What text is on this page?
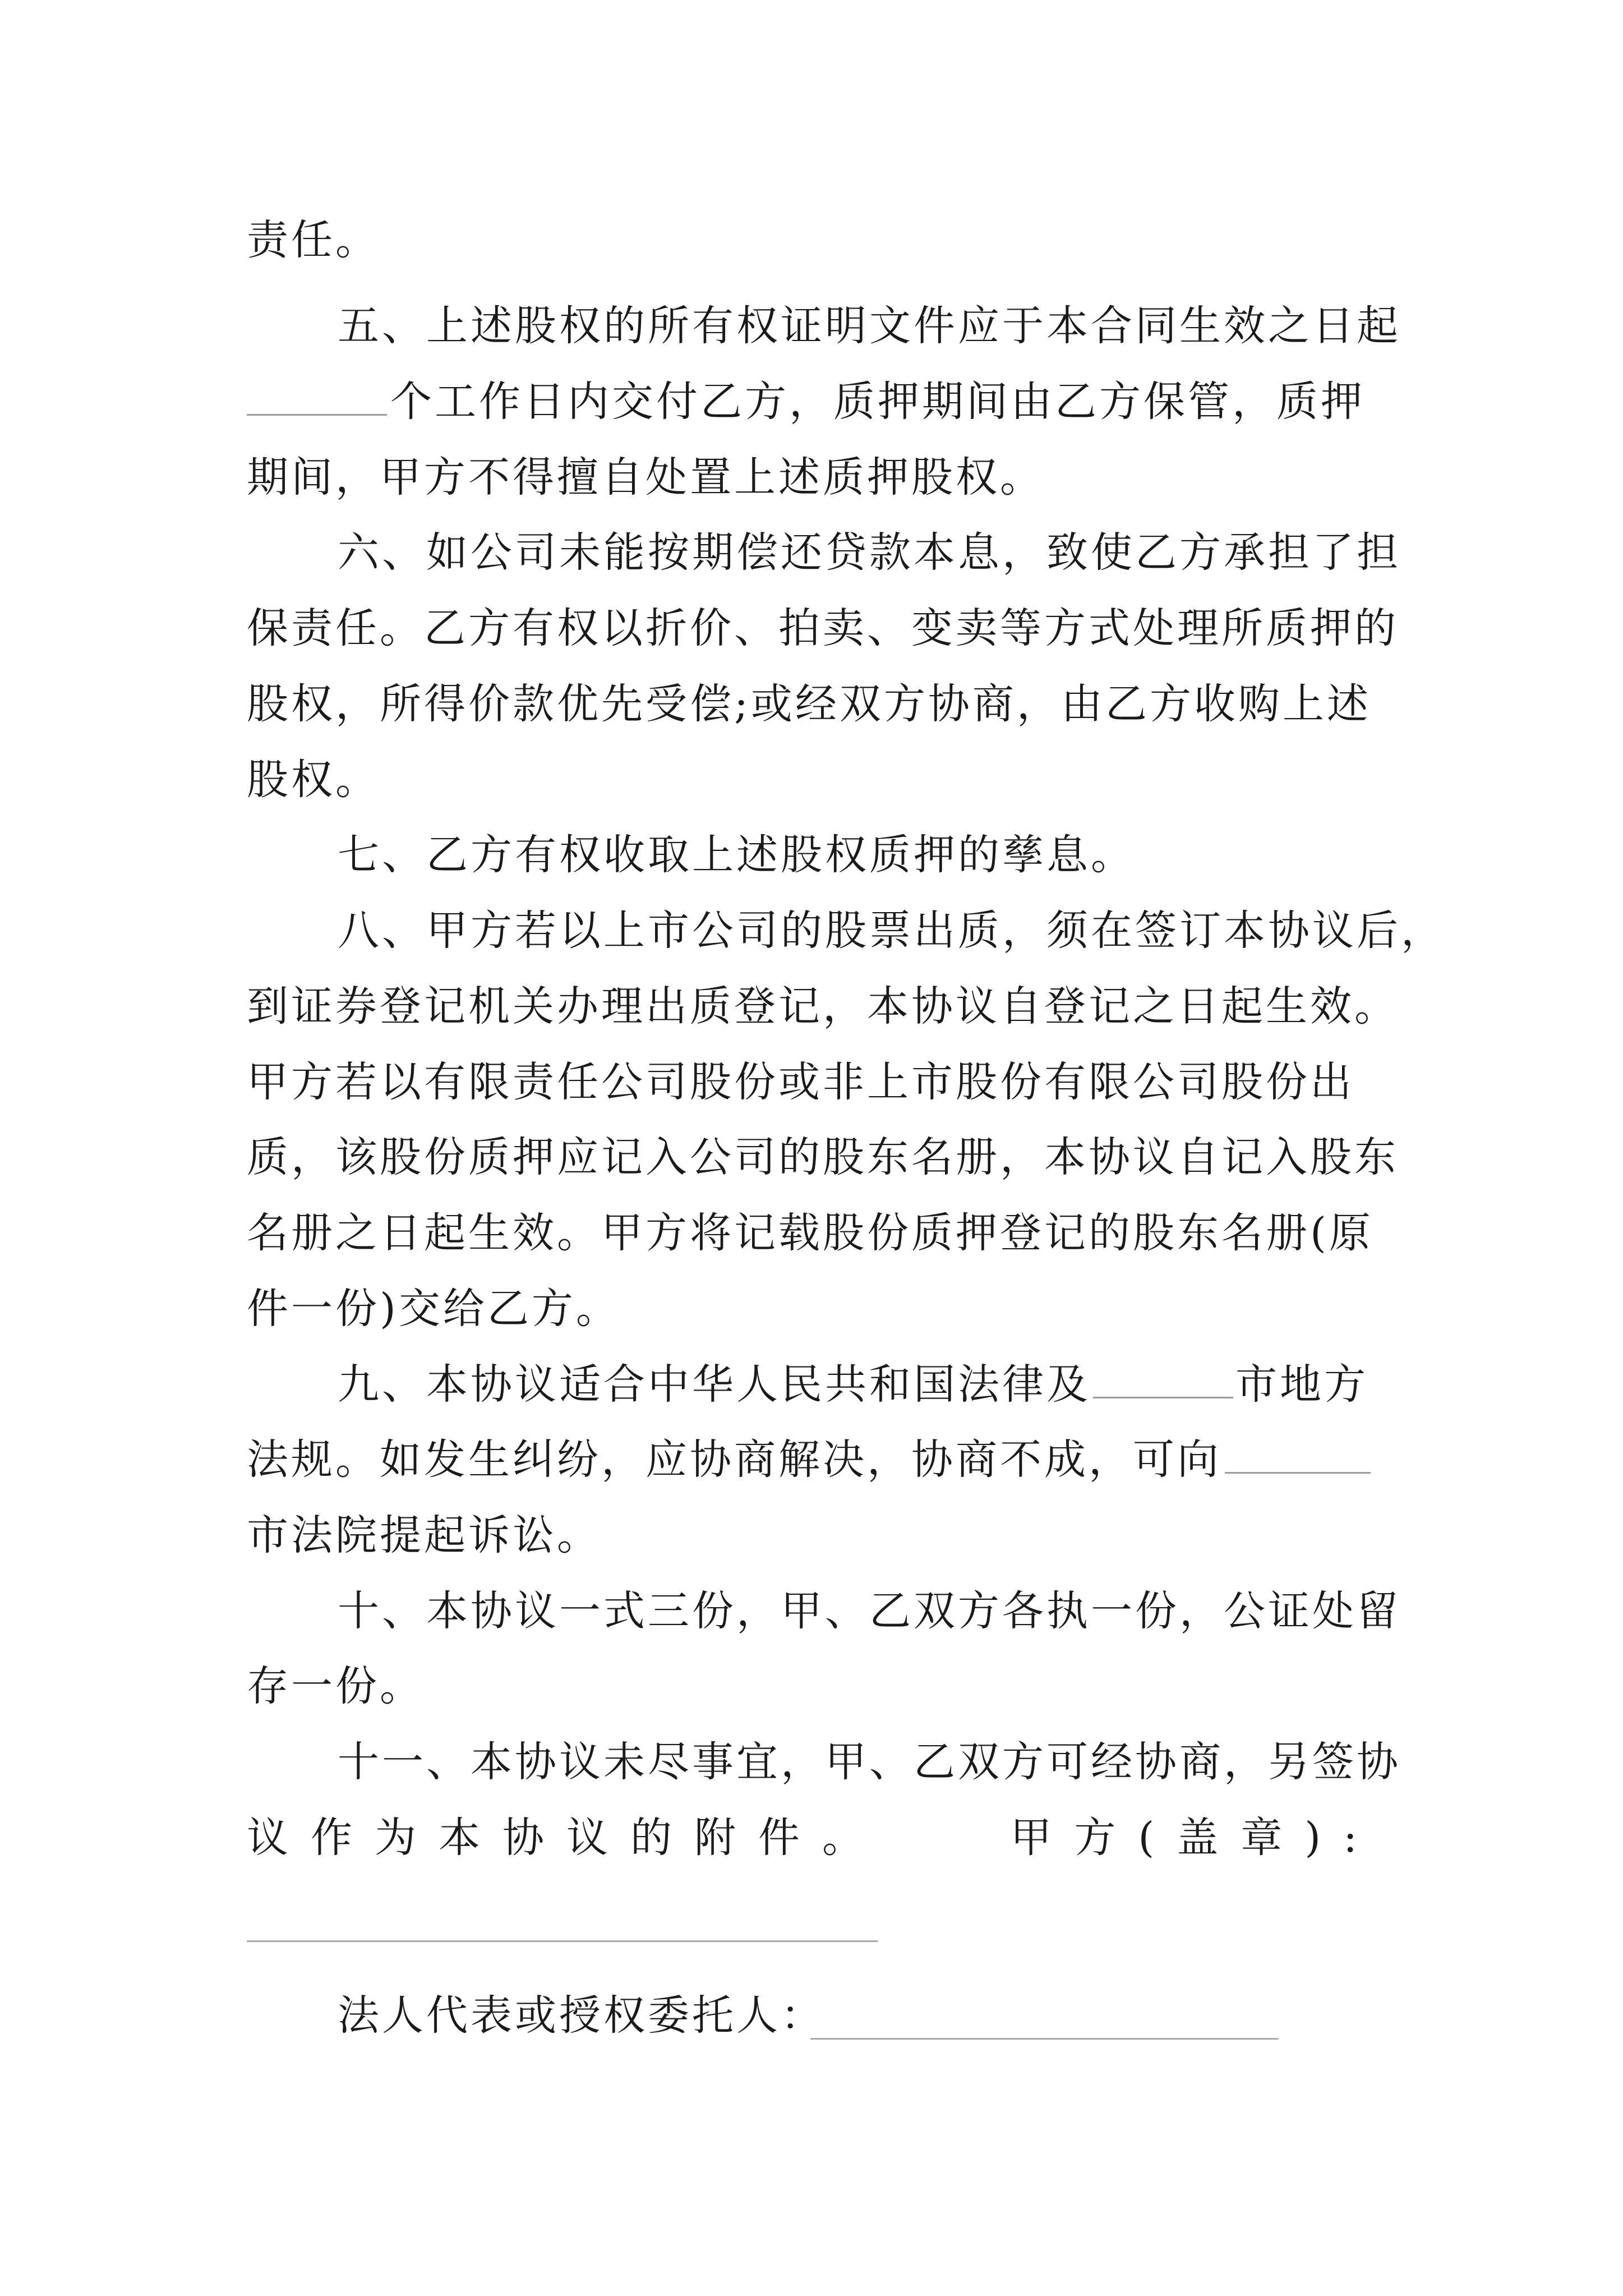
责任。
五、上述股权的所有权证明文件应于本合同生效之日起
个工作日内交付乙方，质押期间由乙方保管，质押
期间，甲方不得擅自处置上述质押股权。
六、如公司未能按期偿还贷款本息，致使乙方承担了担
保责任。乙方有权以折价、拍卖、变卖等方式处理所质押的
股权，所得价款优先受偿;或经双方协商，由乙方收购上述
股权。
七、乙方有权收取上述股权质押的孳息。
八、甲方若以上市公司的股票出质，须在签订本协议后，
到证券登记机关办理出质登记，本协议自登记之日起生效。
甲方若以有限责任公司股份或非上市股份有限公司股份出
质，该股份质押应记入公司的股东名册，本协议自记入股东
名册之日起生效。甲方将记载股份质押登记的股东名册(原
件一份)交给乙方。
九、本协议适合中华人民共和国法律及	市地方
法规。如发生纠纷，应协商解决，协商不成，可向
市法院提起诉讼。
十、本协议一式三份，甲、乙双方各执一份，公证处留
存一份。
十一、本协议未尽事宜，甲、乙双方可经协商，另签协
议作为本协议的附件。	甲方(盖章):
法人代表或授权委托人：
